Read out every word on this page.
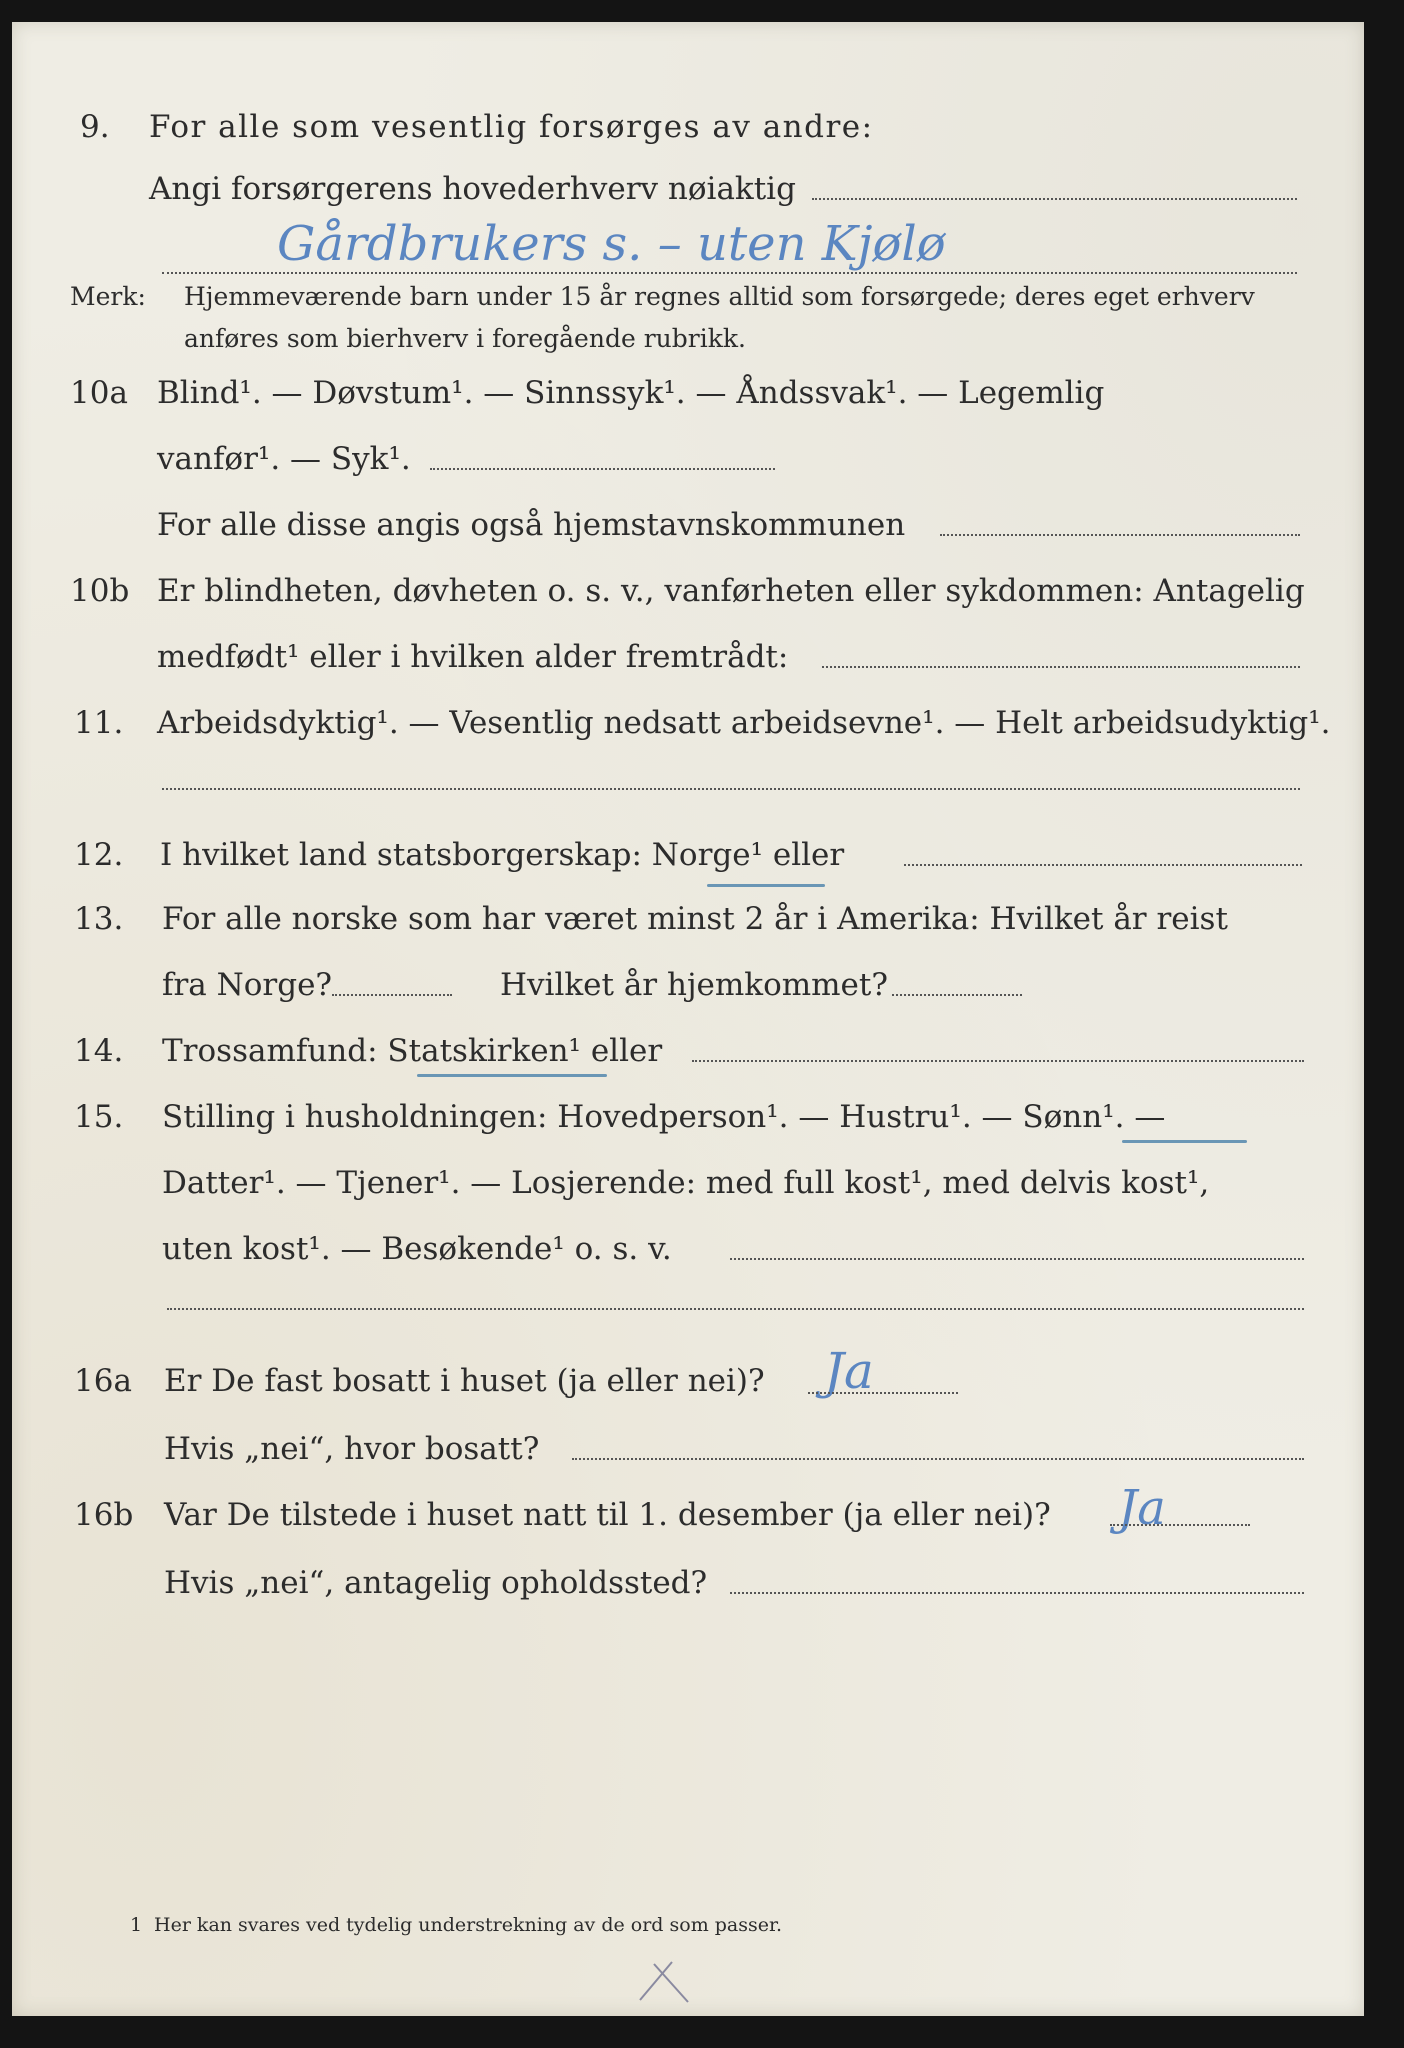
9. For alle som vesentlig forsørges av andre:
Angi forsørgerens hovederhverv nøiaktig
Gårdbrukers s. – uten Kjølø
Merk: Hjemmeværende barn under 15 år regnes alltid som forsørgede; deres eget erhverv
anføres som bierhverv i foregående rubrikk.
10a Blind¹. — Døvstum¹. — Sinnssyk¹. — Åndssvak¹. — Legemlig
vanfør¹. — Syk¹.
For alle disse angis også hjemstavnskommunen
10b Er blindheten, døvheten o. s. v., vanførheten eller sykdommen: Antagelig
medfødt¹ eller i hvilken alder fremtrådt:
11. Arbeidsdyktig¹. — Vesentlig nedsatt arbeidsevne¹. — Helt arbeidsudyktig¹.
12. I hvilket land statsborgerskap: Norge¹ eller
13. For alle norske som har været minst 2 år i Amerika: Hvilket år reist
fra Norge?	Hvilket år hjemkommet?
14. Trossamfund: Statskirken¹ eller
15. Stilling i husholdningen: Hovedperson¹. — Hustru¹. — Sønn¹. —
Datter¹. — Tjener¹. — Losjerende: med full kost¹, med delvis kost¹,
uten kost¹. — Besøkende¹ o. s. v.
16a Er De fast bosatt i huset (ja eller nei)? Ja
Hvis „nei“, hvor bosatt?
16b Var De tilstede i huset natt til 1. desember (ja eller nei)? Ja
Hvis „nei“, antagelig opholdssted?
1 Her kan svares ved tydelig understrekning av de ord som passer.
